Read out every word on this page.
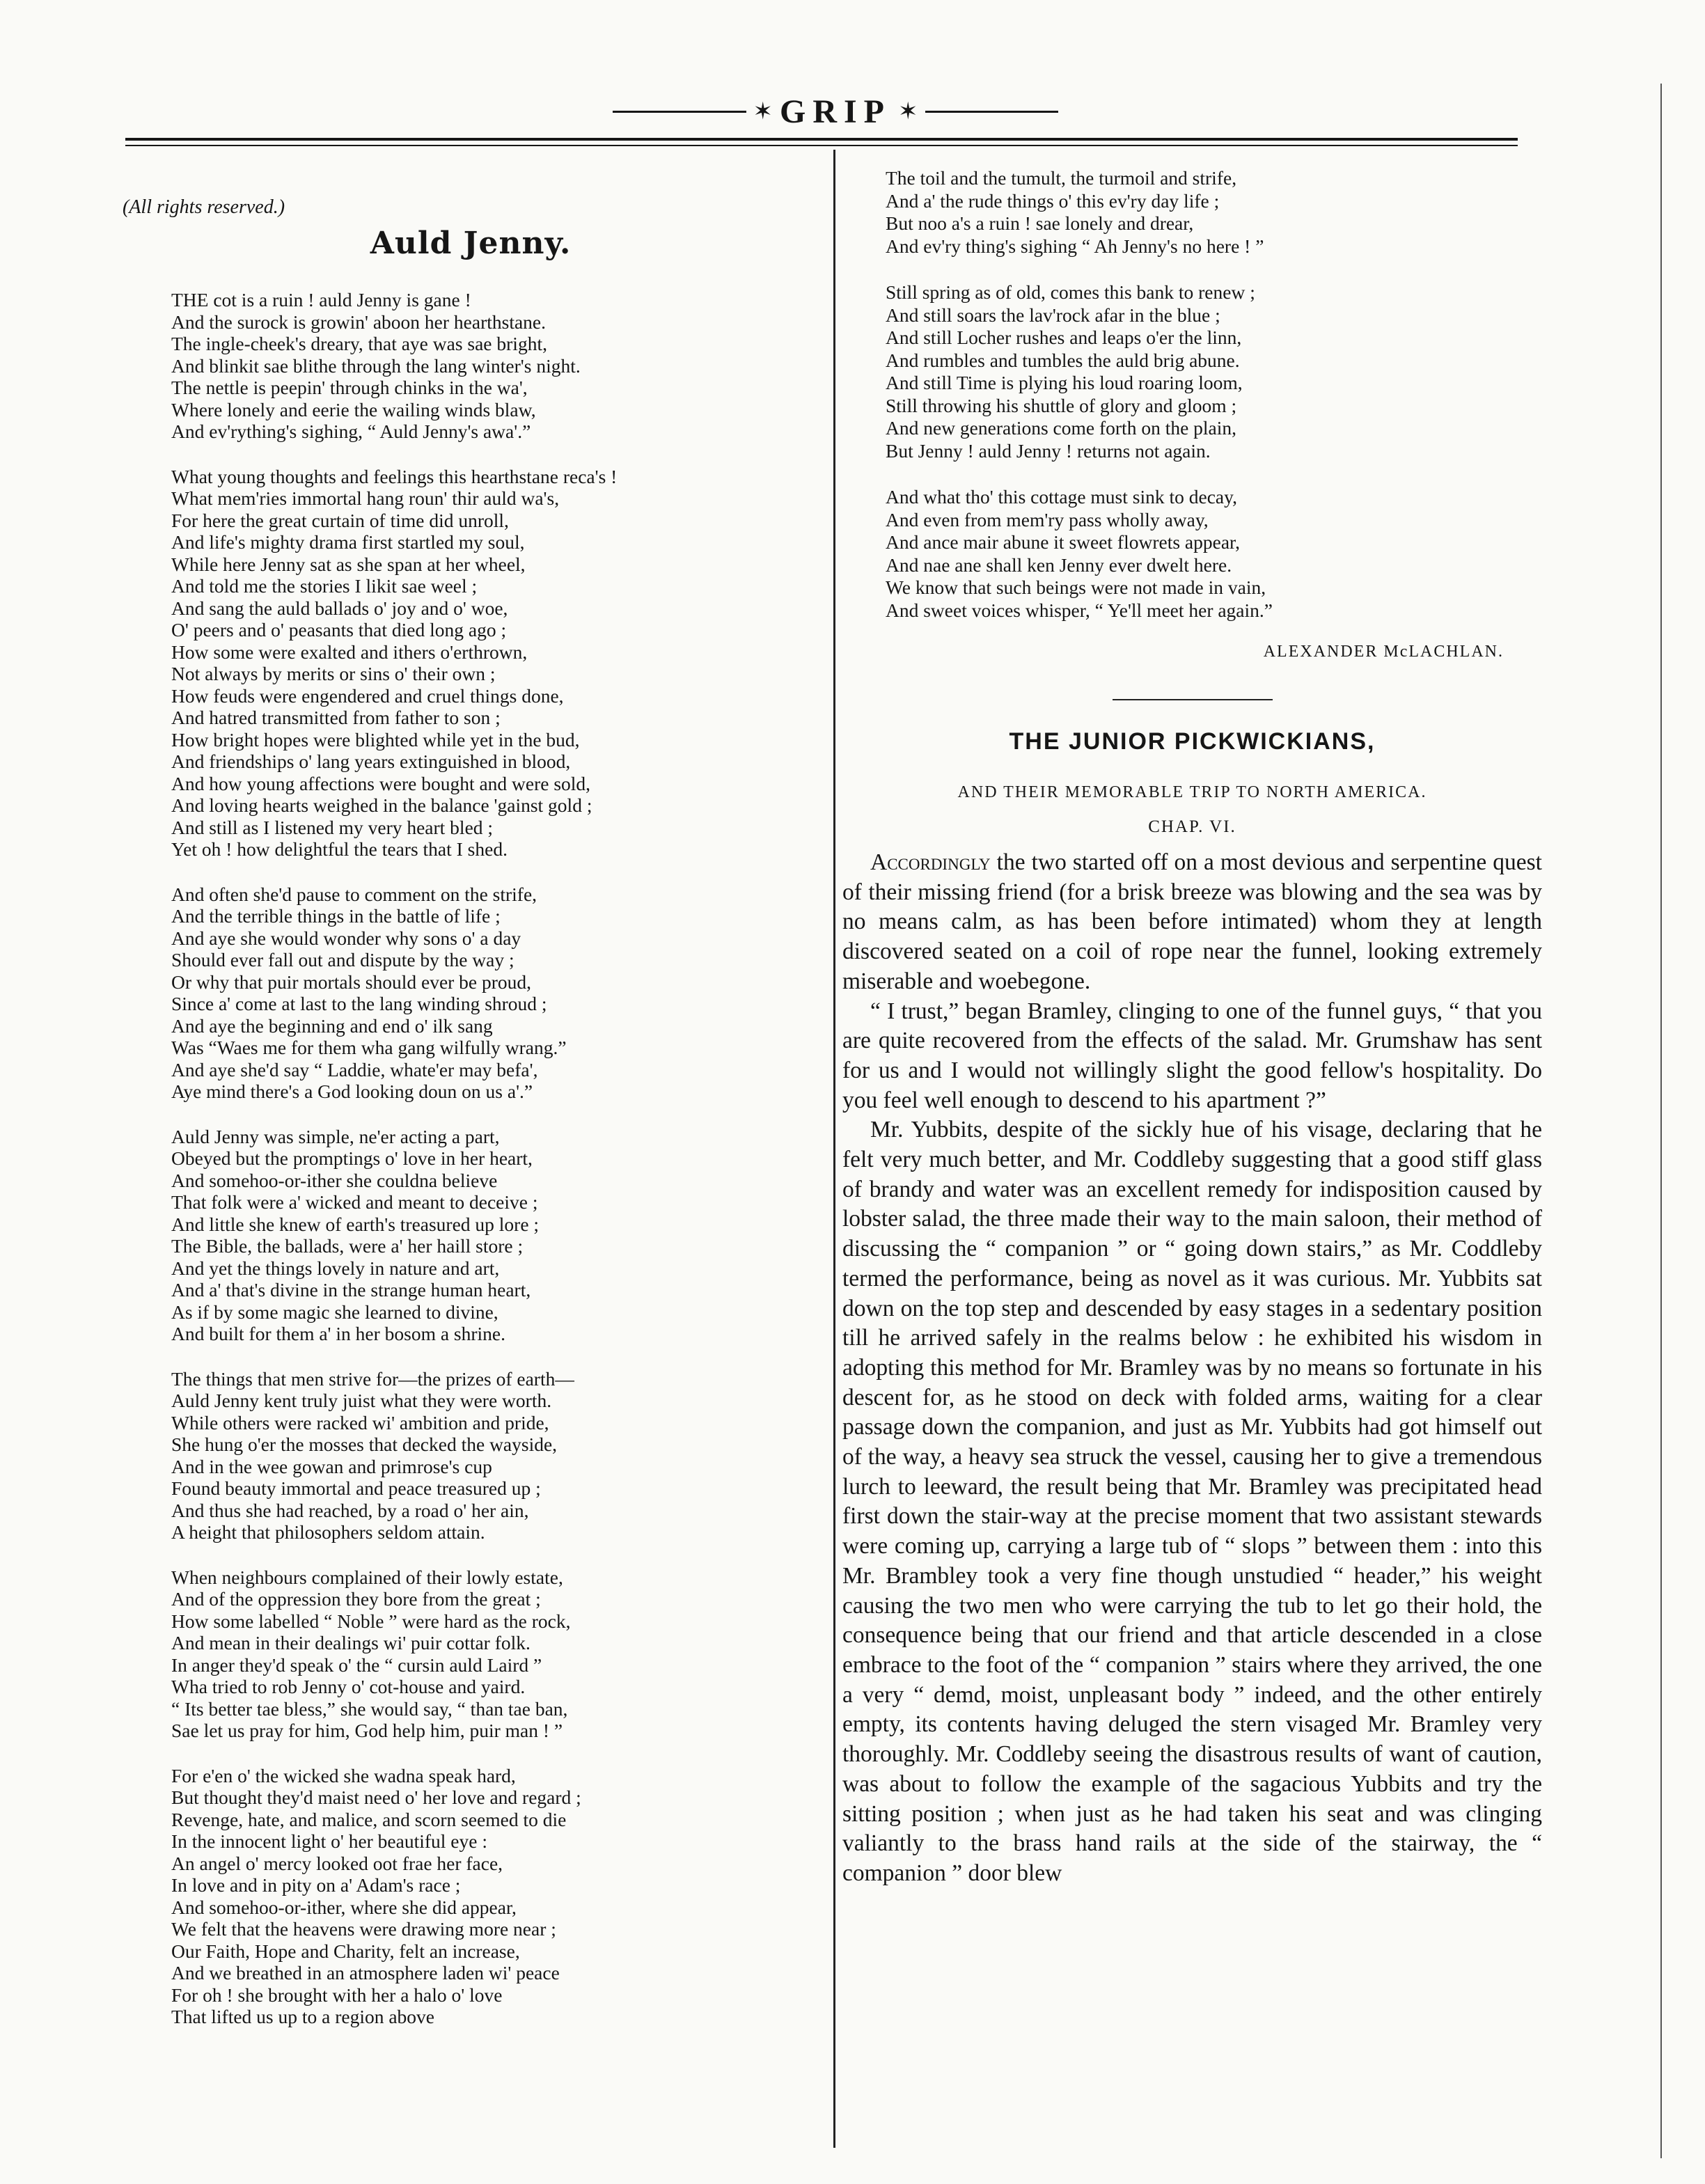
✶ GRIP ✶
(All rights reserved.)
Auld Jenny.
THE cot is a ruin ! auld Jenny is gane !
And the surock is growin' aboon her hearthstane.
The ingle-cheek's dreary, that aye was sae bright,
And blinkit sae blithe through the lang winter's night.
The nettle is peepin' through chinks in the wa',
Where lonely and eerie the wailing winds blaw,
And ev'rything's sighing, “ Auld Jenny's awa'.”
What young thoughts and feelings this hearthstane reca's !
What mem'ries immortal hang roun' thir auld wa's,
For here the great curtain of time did unroll,
And life's mighty drama first startled my soul,
While here Jenny sat as she span at her wheel,
And told me the stories I likit sae weel ;
And sang the auld ballads o' joy and o' woe,
O' peers and o' peasants that died long ago ;
How some were exalted and ithers o'erthrown,
Not always by merits or sins o' their own ;
How feuds were engendered and cruel things done,
And hatred transmitted from father to son ;
How bright hopes were blighted while yet in the bud,
And friendships o' lang years extinguished in blood,
And how young affections were bought and were sold,
And loving hearts weighed in the balance 'gainst gold ;
And still as I listened my very heart bled ;
Yet oh ! how delightful the tears that I shed.
And often she'd pause to comment on the strife,
And the terrible things in the battle of life ;
And aye she would wonder why sons o' a day
Should ever fall out and dispute by the way ;
Or why that puir mortals should ever be proud,
Since a' come at last to the lang winding shroud ;
And aye the beginning and end o' ilk sang
Was “Waes me for them wha gang wilfully wrang.”
And aye she'd say “ Laddie, whate'er may befa',
Aye mind there's a God looking doun on us a'.”
Auld Jenny was simple, ne'er acting a part,
Obeyed but the promptings o' love in her heart,
And somehoo-or-ither she couldna believe
That folk were a' wicked and meant to deceive ;
And little she knew of earth's treasured up lore ;
The Bible, the ballads, were a' her haill store ;
And yet the things lovely in nature and art,
And a' that's divine in the strange human heart,
As if by some magic she learned to divine,
And built for them a' in her bosom a shrine.
The things that men strive for—the prizes of earth—
Auld Jenny kent truly juist what they were worth.
While others were racked wi' ambition and pride,
She hung o'er the mosses that decked the wayside,
And in the wee gowan and primrose's cup
Found beauty immortal and peace treasured up ;
And thus she had reached, by a road o' her ain,
A height that philosophers seldom attain.
When neighbours complained of their lowly estate,
And of the oppression they bore from the great ;
How some labelled “ Noble ” were hard as the rock,
And mean in their dealings wi' puir cottar folk.
In anger they'd speak o' the “ cursin auld Laird ”
Wha tried to rob Jenny o' cot-house and yaird.
“ Its better tae bless,” she would say, “ than tae ban,
Sae let us pray for him, God help him, puir man ! ”
For e'en o' the wicked she wadna speak hard,
But thought they'd maist need o' her love and regard ;
Revenge, hate, and malice, and scorn seemed to die
In the innocent light o' her beautiful eye :
An angel o' mercy looked oot frae her face,
In love and in pity on a' Adam's race ;
And somehoo-or-ither, where she did appear,
We felt that the heavens were drawing more near ;
Our Faith, Hope and Charity, felt an increase,
And we breathed in an atmosphere laden wi' peace
For oh ! she brought with her a halo o' love
That lifted us up to a region above
The toil and the tumult, the turmoil and strife,
And a' the rude things o' this ev'ry day life ;
But noo a's a ruin ! sae lonely and drear,
And ev'ry thing's sighing “ Ah Jenny's no here ! ”
Still spring as of old, comes this bank to renew ;
And still soars the lav'rock afar in the blue ;
And still Locher rushes and leaps o'er the linn,
And rumbles and tumbles the auld brig abune.
And still Time is plying his loud roaring loom,
Still throwing his shuttle of glory and gloom ;
And new generations come forth on the plain,
But Jenny ! auld Jenny ! returns not again.
And what tho' this cottage must sink to decay,
And even from mem'ry pass wholly away,
And ance mair abune it sweet flowrets appear,
And nae ane shall ken Jenny ever dwelt here.
We know that such beings were not made in vain,
And sweet voices whisper, “ Ye'll meet her again.”
ALEXANDER McLACHLAN.
THE JUNIOR PICKWICKIANS,
AND THEIR MEMORABLE TRIP TO NORTH AMERICA.
CHAP. VI.

Accordingly the two started off on a most devious and serpentine quest of their missing friend (for a brisk breeze was blowing and the sea was by no means calm, as has been before intimated) whom they at length discovered seated on a coil of rope near the funnel, looking extremely miserable and woebegone.

“ I trust,” began Bramley, clinging to one of the funnel guys, “ that you are quite recovered from the effects of the salad. Mr. Grumshaw has sent for us and I would not willingly slight the good fellow's hospitality. Do you feel well enough to descend to his apartment ?”

Mr. Yubbits, despite of the sickly hue of his visage, declaring that he felt very much better, and Mr. Coddleby suggesting that a good stiff glass of brandy and water was an excellent remedy for indisposition caused by lobster salad, the three made their way to the main saloon, their method of discussing the “ companion ” or “ going down stairs,” as Mr. Coddleby termed the performance, being as novel as it was curious. Mr. Yubbits sat down on the top step and descended by easy stages in a sedentary position till he arrived safely in the realms below : he exhibited his wisdom in adopting this method for Mr. Bramley was by no means so fortunate in his descent for, as he stood on deck with folded arms, waiting for a clear passage down the companion, and just as Mr. Yubbits had got himself out of the way, a heavy sea struck the vessel, causing her to give a tremendous lurch to leeward, the result being that Mr. Bramley was precipitated head first down the stair-way at the precise moment that two assistant stewards were coming up, carrying a large tub of “ slops ” between them : into this Mr. Brambley took a very fine though unstudied “ header,” his weight causing the two men who were carrying the tub to let go their hold, the consequence being that our friend and that article descended in a close embrace to the foot of the “ companion ” stairs where they arrived, the one a very “ demd, moist, unpleasant body ” indeed, and the other entirely empty, its contents having deluged the stern visaged Mr. Bramley very thoroughly. Mr. Coddleby seeing the disastrous results of want of caution, was about to follow the example of the sagacious Yubbits and try the sitting position ; when just as he had taken his seat and was clinging valiantly to the brass hand rails at the side of the stairway, the “ companion ” door blew
